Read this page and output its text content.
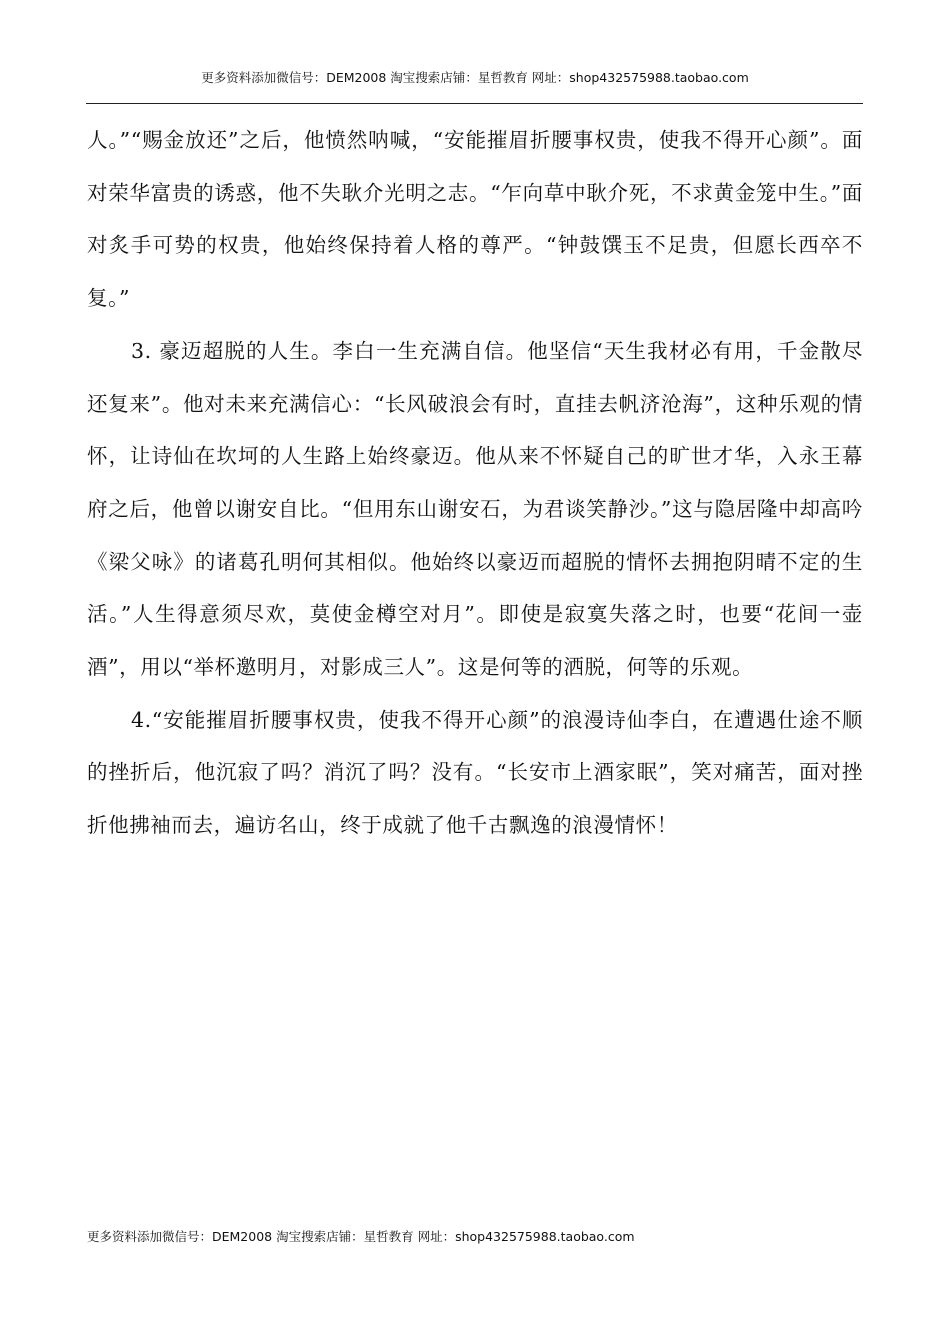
更多资料添加微信号：DEM2008 淘宝搜索店铺：星哲教育 网址：shop432575988.taobao.com

人。”“赐金放还”之后，他愤然呐喊，“安能摧眉折腰事权贵，使我不得开心颜”。面对荣华富贵的诱惑，他不失耿介光明之志。“乍向草中耿介死，不求黄金笼中生。”面对炙手可势的权贵，他始终保持着人格的尊严。“钟鼓馔玉不足贵，但愿长西卒不复。”

3. 豪迈超脱的人生。李白一生充满自信。他坚信“天生我材必有用，千金散尽还复来”。他对未来充满信心：“长风破浪会有时，直挂去帆济沧海”，这种乐观的情怀，让诗仙在坎坷的人生路上始终豪迈。他从来不怀疑自己的旷世才华，入永王幕府之后，他曾以谢安自比。“但用东山谢安石，为君谈笑静沙。”这与隐居隆中却高吟《梁父咏》的诸葛孔明何其相似。他始终以豪迈而超脱的情怀去拥抱阴晴不定的生活。”人生得意须尽欢，莫使金樽空对月”。即使是寂寞失落之时，也要“花间一壶酒”，用以“举杯邀明月，对影成三人”。这是何等的洒脱，何等的乐观。

4.“安能摧眉折腰事权贵，使我不得开心颜”的浪漫诗仙李白，在遭遇仕途不顺的挫折后，他沉寂了吗？消沉了吗？没有。“长安市上酒家眠”，笑对痛苦，面对挫折他拂袖而去，遍访名山，终于成就了他千古飘逸的浪漫情怀！

更多资料添加微信号：DEM2008 淘宝搜索店铺：星哲教育 网址：shop432575988.taobao.com
